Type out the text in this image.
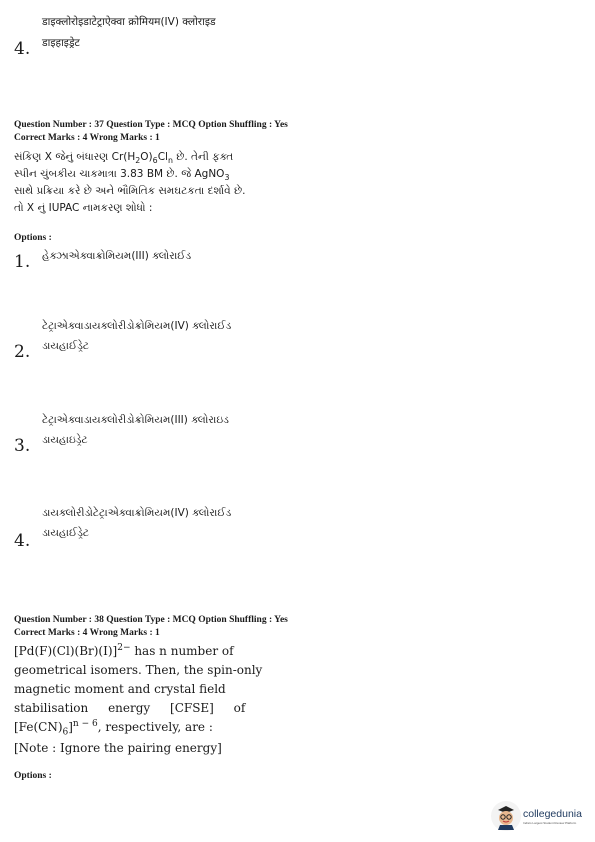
डाइक्लोरोइडाटेट्राऐक्वा क्रोमियम(IV) क्लोराइड
4. डाइहाइड्रेट
Question Number : 37 Question Type : MCQ Option Shuffling : Yes
Correct Marks : 4 Wrong Marks : 1
સંકિણ X જેનું બંધારણ $Cr(H_2O)_6Cl_n$ છે. તેની ફક્ત
સ્પીન ચુંબકીય ચાકમાત્રા 3.83 BM છે. જે AgNO$_3$
સાથે પ્રક્રિયા કરે છે અને ભૌમિતિક સમઘટકતા દર્શાવે છે.
તો X નું IUPAC નામકરણ શોધો :
Options :
1. હેક્ઝાએક્વાક્રોમિયમ(III) ક્લોરાઈડ
ટેટ્રાએક્વાડાયક્લોરીડોક્રોમિયમ(IV) ક્લોરાઈડ
2. ડાયહાઈડ્રેટ
ટેટ્રાએક્વાડાયક્લોરીડોક્રોમિયમ(III) ક્લોરાઇડ
3. ડાયહાઇડ્રેટ
ડાયક્લોરીડોટેટ્રાએક્વાક્રોમિયમ(IV) ક્લોરાઈડ
4. ડાયહાઈડ્રેટ
Question Number : 38 Question Type : MCQ Option Shuffling : Yes
Correct Marks : 4 Wrong Marks : 1
$[Pd(F)(Cl)(Br)(I)]^{2-}$ has n number of
geometrical isomers. Then, the spin-only
magnetic moment and crystal field
stabilisation energy [CFSE] of
$[Fe(CN)_6]^{n - 6}$, respectively, are :
[Note : Ignore the pairing energy]
Options :
collegedunia
India's Largest Student Review Platform
